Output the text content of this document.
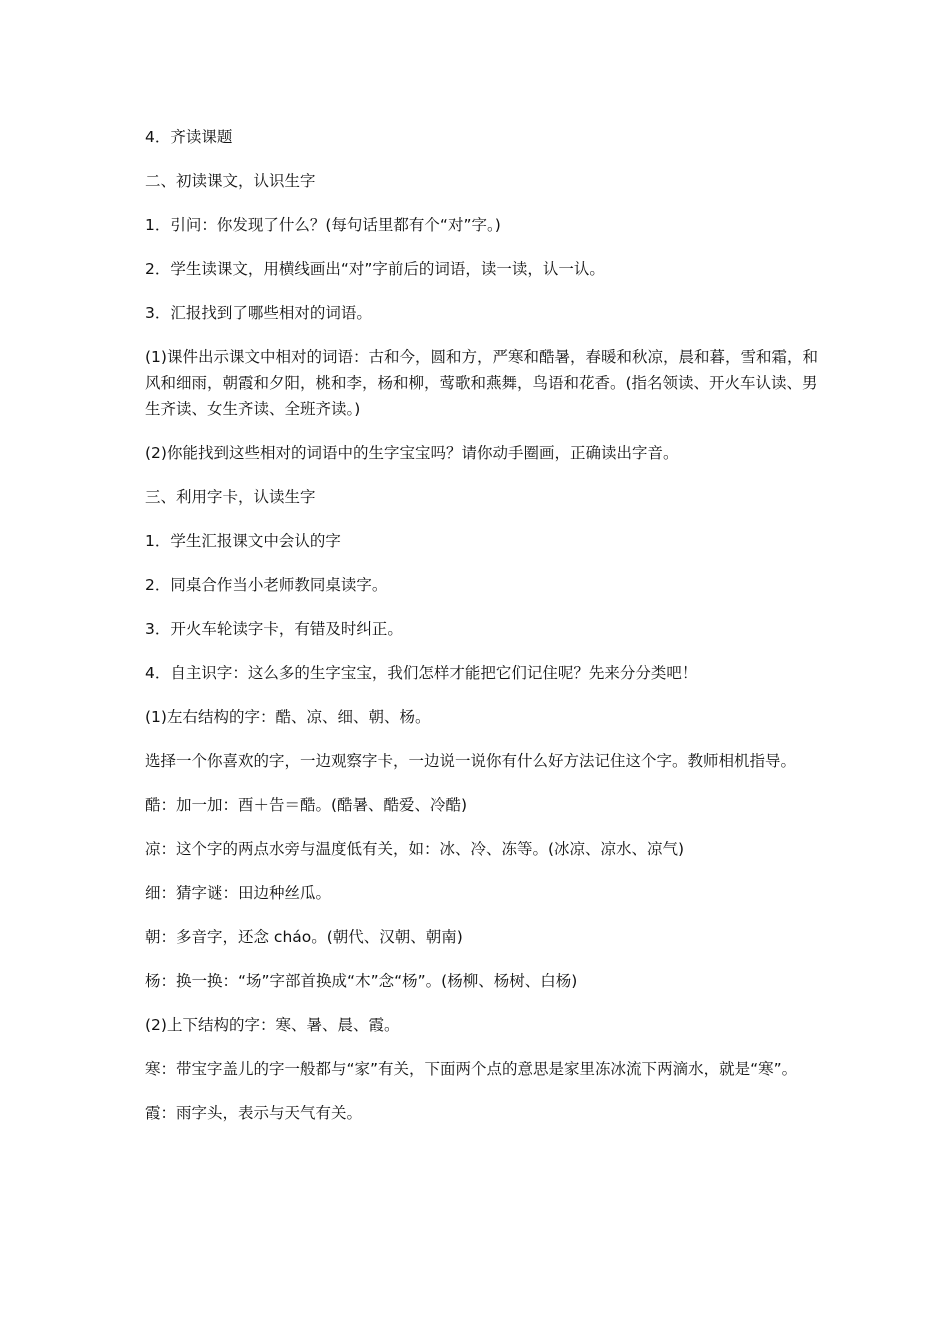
4．齐读课题

二、初读课文，认识生字

1．引问：你发现了什么？(每句话里都有个“对”字。)

2．学生读课文，用横线画出“对”字前后的词语，读一读，认一认。

3．汇报找到了哪些相对的词语。

(1)课件出示课文中相对的词语：古和今，圆和方，严寒和酷暑，春暖和秋凉，晨和暮，雪和霜，和风和细雨，朝霞和夕阳，桃和李，杨和柳，莺歌和燕舞，鸟语和花香。(指名领读、开火车认读、男生齐读、女生齐读、全班齐读。)

(2)你能找到这些相对的词语中的生字宝宝吗？请你动手圈画，正确读出字音。

三、利用字卡，认读生字

1．学生汇报课文中会认的字

2．同桌合作当小老师教同桌读字。

3．开火车轮读字卡，有错及时纠正。

4．自主识字：这么多的生字宝宝，我们怎样才能把它们记住呢？先来分分类吧！

(1)左右结构的字：酷、凉、细、朝、杨。

选择一个你喜欢的字，一边观察字卡，一边说一说你有什么好方法记住这个字。教师相机指导。

酷：加一加：酉＋告＝酷。(酷暑、酷爱、冷酷)

凉：这个字的两点水旁与温度低有关，如：冰、冷、冻等。(冰凉、凉水、凉气)

细：猜字谜：田边种丝瓜。

朝：多音字，还念 cháo。(朝代、汉朝、朝南)

杨：换一换：“场”字部首换成“木”念“杨”。(杨柳、杨树、白杨)

(2)上下结构的字：寒、暑、晨、霞。

寒：带宝字盖儿的字一般都与“家”有关，下面两个点的意思是家里冻冰流下两滴水，就是“寒”。

霞：雨字头，表示与天气有关。
